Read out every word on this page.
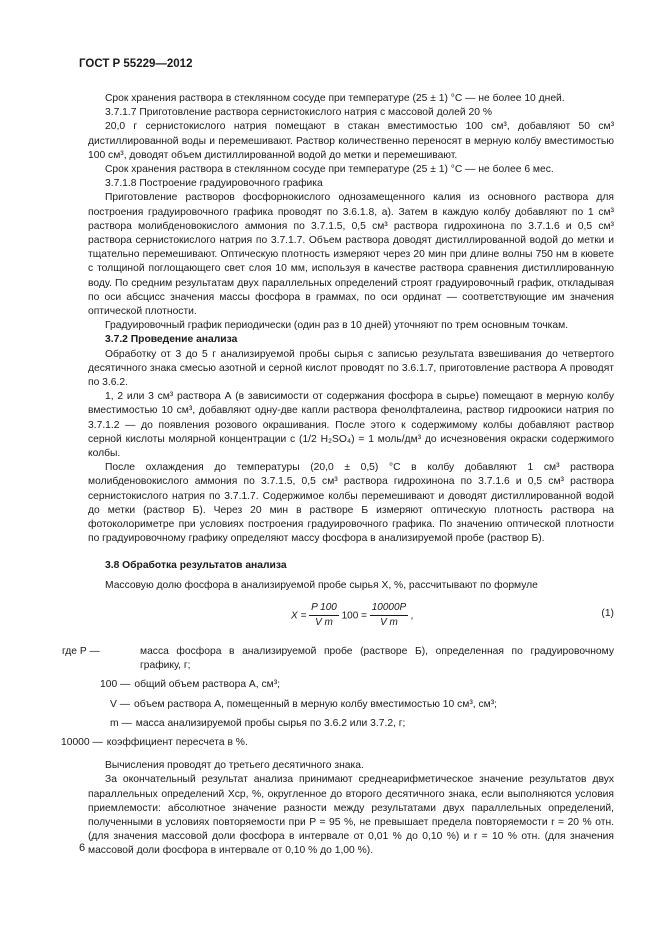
ГОСТ Р 55229—2012

Срок хранения раствора в стеклянном сосуде при температуре (25 ± 1) °С — не более 10 дней.

3.7.1.7 Приготовление раствора сернистокислого натрия с массовой долей 20 %

20,0 г сернистокислого натрия помещают в стакан вместимостью 100 см³, добавляют 50 см³ дистиллированной воды и перемешивают. Раствор количественно переносят в мерную колбу вместимостью 100 см³, доводят объем дистиллированной водой до метки и перемешивают.

Срок хранения раствора в стеклянном сосуде при температуре (25 ± 1) °С — не более 6 мес.

3.7.1.8 Построение градуировочного графика

Приготовление растворов фосфорнокислого однозамещенного калия из основного раствора для построения градуировочного графика проводят по 3.6.1.8, а). Затем в каждую колбу добавляют по 1 см³ раствора молибденовокислого аммония по 3.7.1.5, 0,5 см³ раствора гидрохинона по 3.7.1.6 и 0,5 см³ раствора сернистокислого натрия по 3.7.1.7. Объем раствора доводят дистиллированной водой до метки и тщательно перемешивают. Оптическую плотность измеряют через 20 мин при длине волны 750 нм в кювете с толщиной поглощающего свет слоя 10 мм, используя в качестве раствора сравнения дистиллированную воду. По средним результатам двух параллельных определений строят градуировочный график, откладывая по оси абсцисс значения массы фосфора в граммах, по оси ординат — соответствующие им значения оптической плотности.

Градуировочный график периодически (один раз в 10 дней) уточняют по трем основным точкам.

3.7.2 Проведение анализа

Обработку от 3 до 5 г анализируемой пробы сырья с записью результата взвешивания до четвертого десятичного знака смесью азотной и серной кислот проводят по 3.6.1.7, приготовление раствора А проводят по 3.6.2.

1, 2 или 3 см³ раствора А (в зависимости от содержания фосфора в сырье) помещают в мерную колбу вместимостью 10 см³, добавляют одну-две капли раствора фенолфталеина, раствор гидроокиси натрия по 3.7.1.2 — до появления розового окрашивания. После этого к содержимому колбы добавляют раствор серной кислоты молярной концентрации c (1/2 H₂SO₄) = 1 моль/дм³ до исчезновения окраски содержимого колбы.

После охлаждения до температуры (20,0 ± 0,5) °С в колбу добавляют 1 см³ раствора молибденовокислого аммония по 3.7.1.5, 0,5 см³ раствора гидрохинона по 3.7.1.6 и 0,5 см³ раствора сернистокислого натрия по 3.7.1.7. Содержимое колбы перемешивают и доводят дистиллированной водой до метки (раствор Б). Через 20 мин в растворе Б измеряют оптическую плотность раствора на фотоколориметре при условиях построения градуировочного графика. По значению оптической плотности по градуировочному графику определяют массу фосфора в анализируемой пробе (раствор Б).

3.8 Обработка результатов анализа

Массовую долю фосфора в анализируемой пробе сырья X, %, рассчитывают по формуле

$X = \frac{P 100}{\text{V m}} 100 = \frac{10000P}{\text{V m}}$ ,	(1)
где P —	масса фосфора в анализируемой пробе (растворе Б), определенная по градуировочному графику, г;
100 — общий объем раствора А, см³;
V — объем раствора А, помещенный в мерную колбу вместимостью 10 см³, см³;
m — масса анализируемой пробы сырья по 3.6.2 или 3.7.2, г;
10000 — коэффициент пересчета в %.

Вычисления проводят до третьего десятичного знака.

За окончательный результат анализа принимают среднеарифметическое значение результатов двух параллельных определений Xср, %, округленное до второго десятичного знака, если выполняются условия приемлемости: абсолютное значение разности между результатами двух параллельных определений, полученными в условиях повторяемости при P = 95 %, не превышает предела повторяемости r = 20 % отн. (для значения массовой доли фосфора в интервале от 0,01 % до 0,10 %) и r = 10 % отн. (для значения массовой доли фосфора в интервале от 0,10 % до 1,00 %).

6
